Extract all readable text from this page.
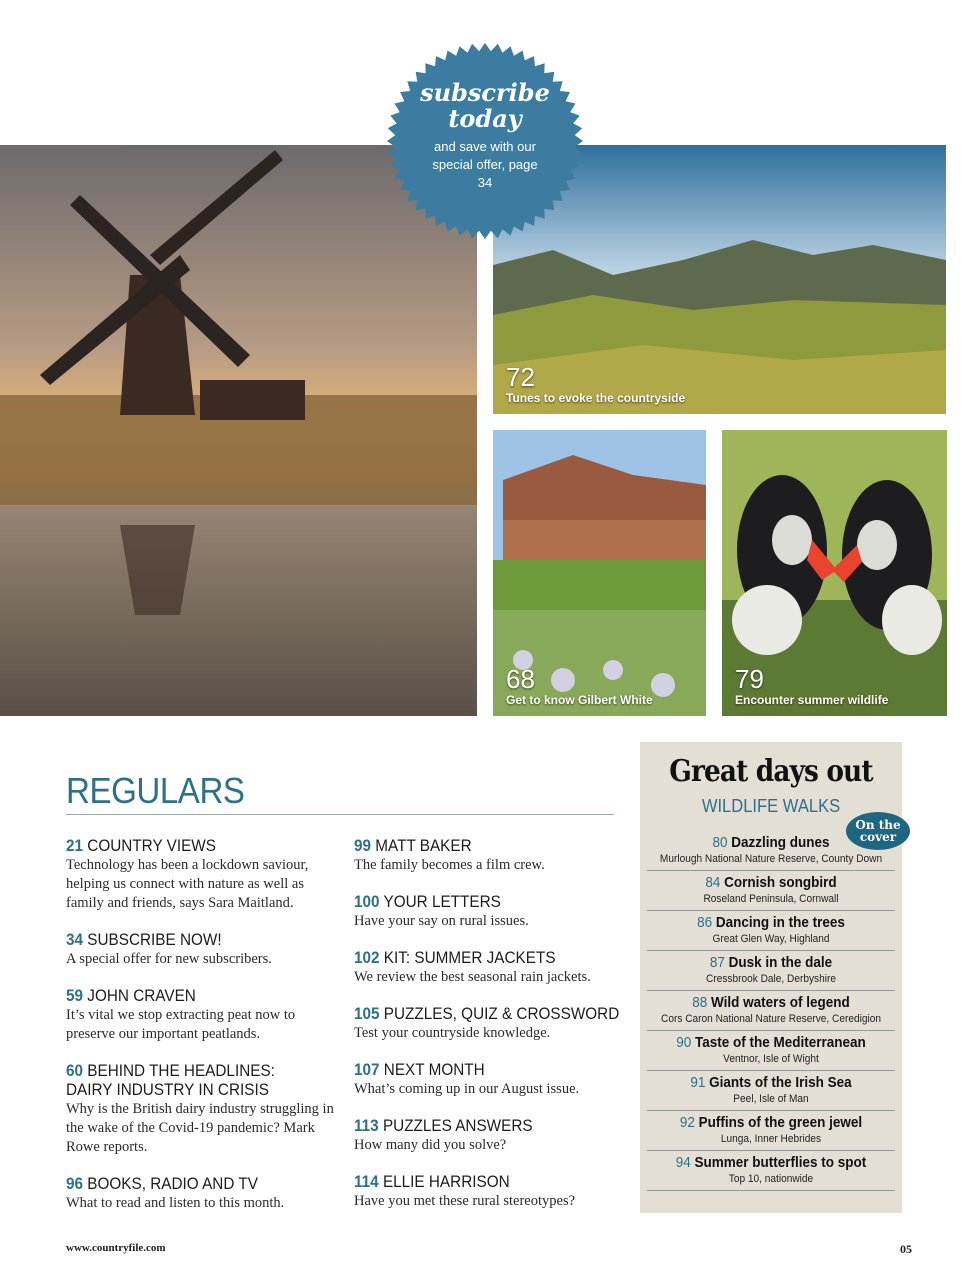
72
Tunes to evoke the countryside
68
Get to know Gilbert White
79
Encounter summer wildlife
subscribe today
and save with our special offer, page 34
REGULARS
21 COUNTRY VIEWS
Technology has been a lockdown saviour, helping us connect with nature as well as family and friends, says Sara Maitland.
34 SUBSCRIBE NOW!
A special offer for new subscribers.
59 JOHN CRAVEN
It’s vital we stop extracting peat now to preserve our important peatlands.
60 BEHIND THE HEADLINES:
DAIRY INDUSTRY IN CRISIS
Why is the British dairy industry struggling in the wake of the Covid-19 pandemic? Mark Rowe reports.
96 BOOKS, RADIO AND TV
What to read and listen to this month.
99 MATT BAKER
The family becomes a film crew.
100 YOUR LETTERS
Have your say on rural issues.
102 KIT: SUMMER JACKETS
We review the best seasonal rain jackets.
105 PUZZLES, QUIZ & CROSSWORD
Test your countryside knowledge.
107 NEXT MONTH
What’s coming up in our August issue.
113 PUZZLES ANSWERS
How many did you solve?
114 ELLIE HARRISON
Have you met these rural stereotypes?
Great days out
WILDLIFE WALKS
On the cover
80 Dazzling dunes
Murlough National Nature Reserve, County Down
84 Cornish songbird
Roseland Peninsula, Cornwall
86 Dancing in the trees
Great Glen Way, Highland
87 Dusk in the dale
Cressbrook Dale, Derbyshire
88 Wild waters of legend
Cors Caron National Nature Reserve, Ceredigion
90 Taste of the Mediterranean
Ventnor, Isle of Wight
91 Giants of the Irish Sea
Peel, Isle of Man
92 Puffins of the green jewel
Lunga, Inner Hebrides
94 Summer butterflies to spot
Top 10, nationwide
www.countryfile.com	05
